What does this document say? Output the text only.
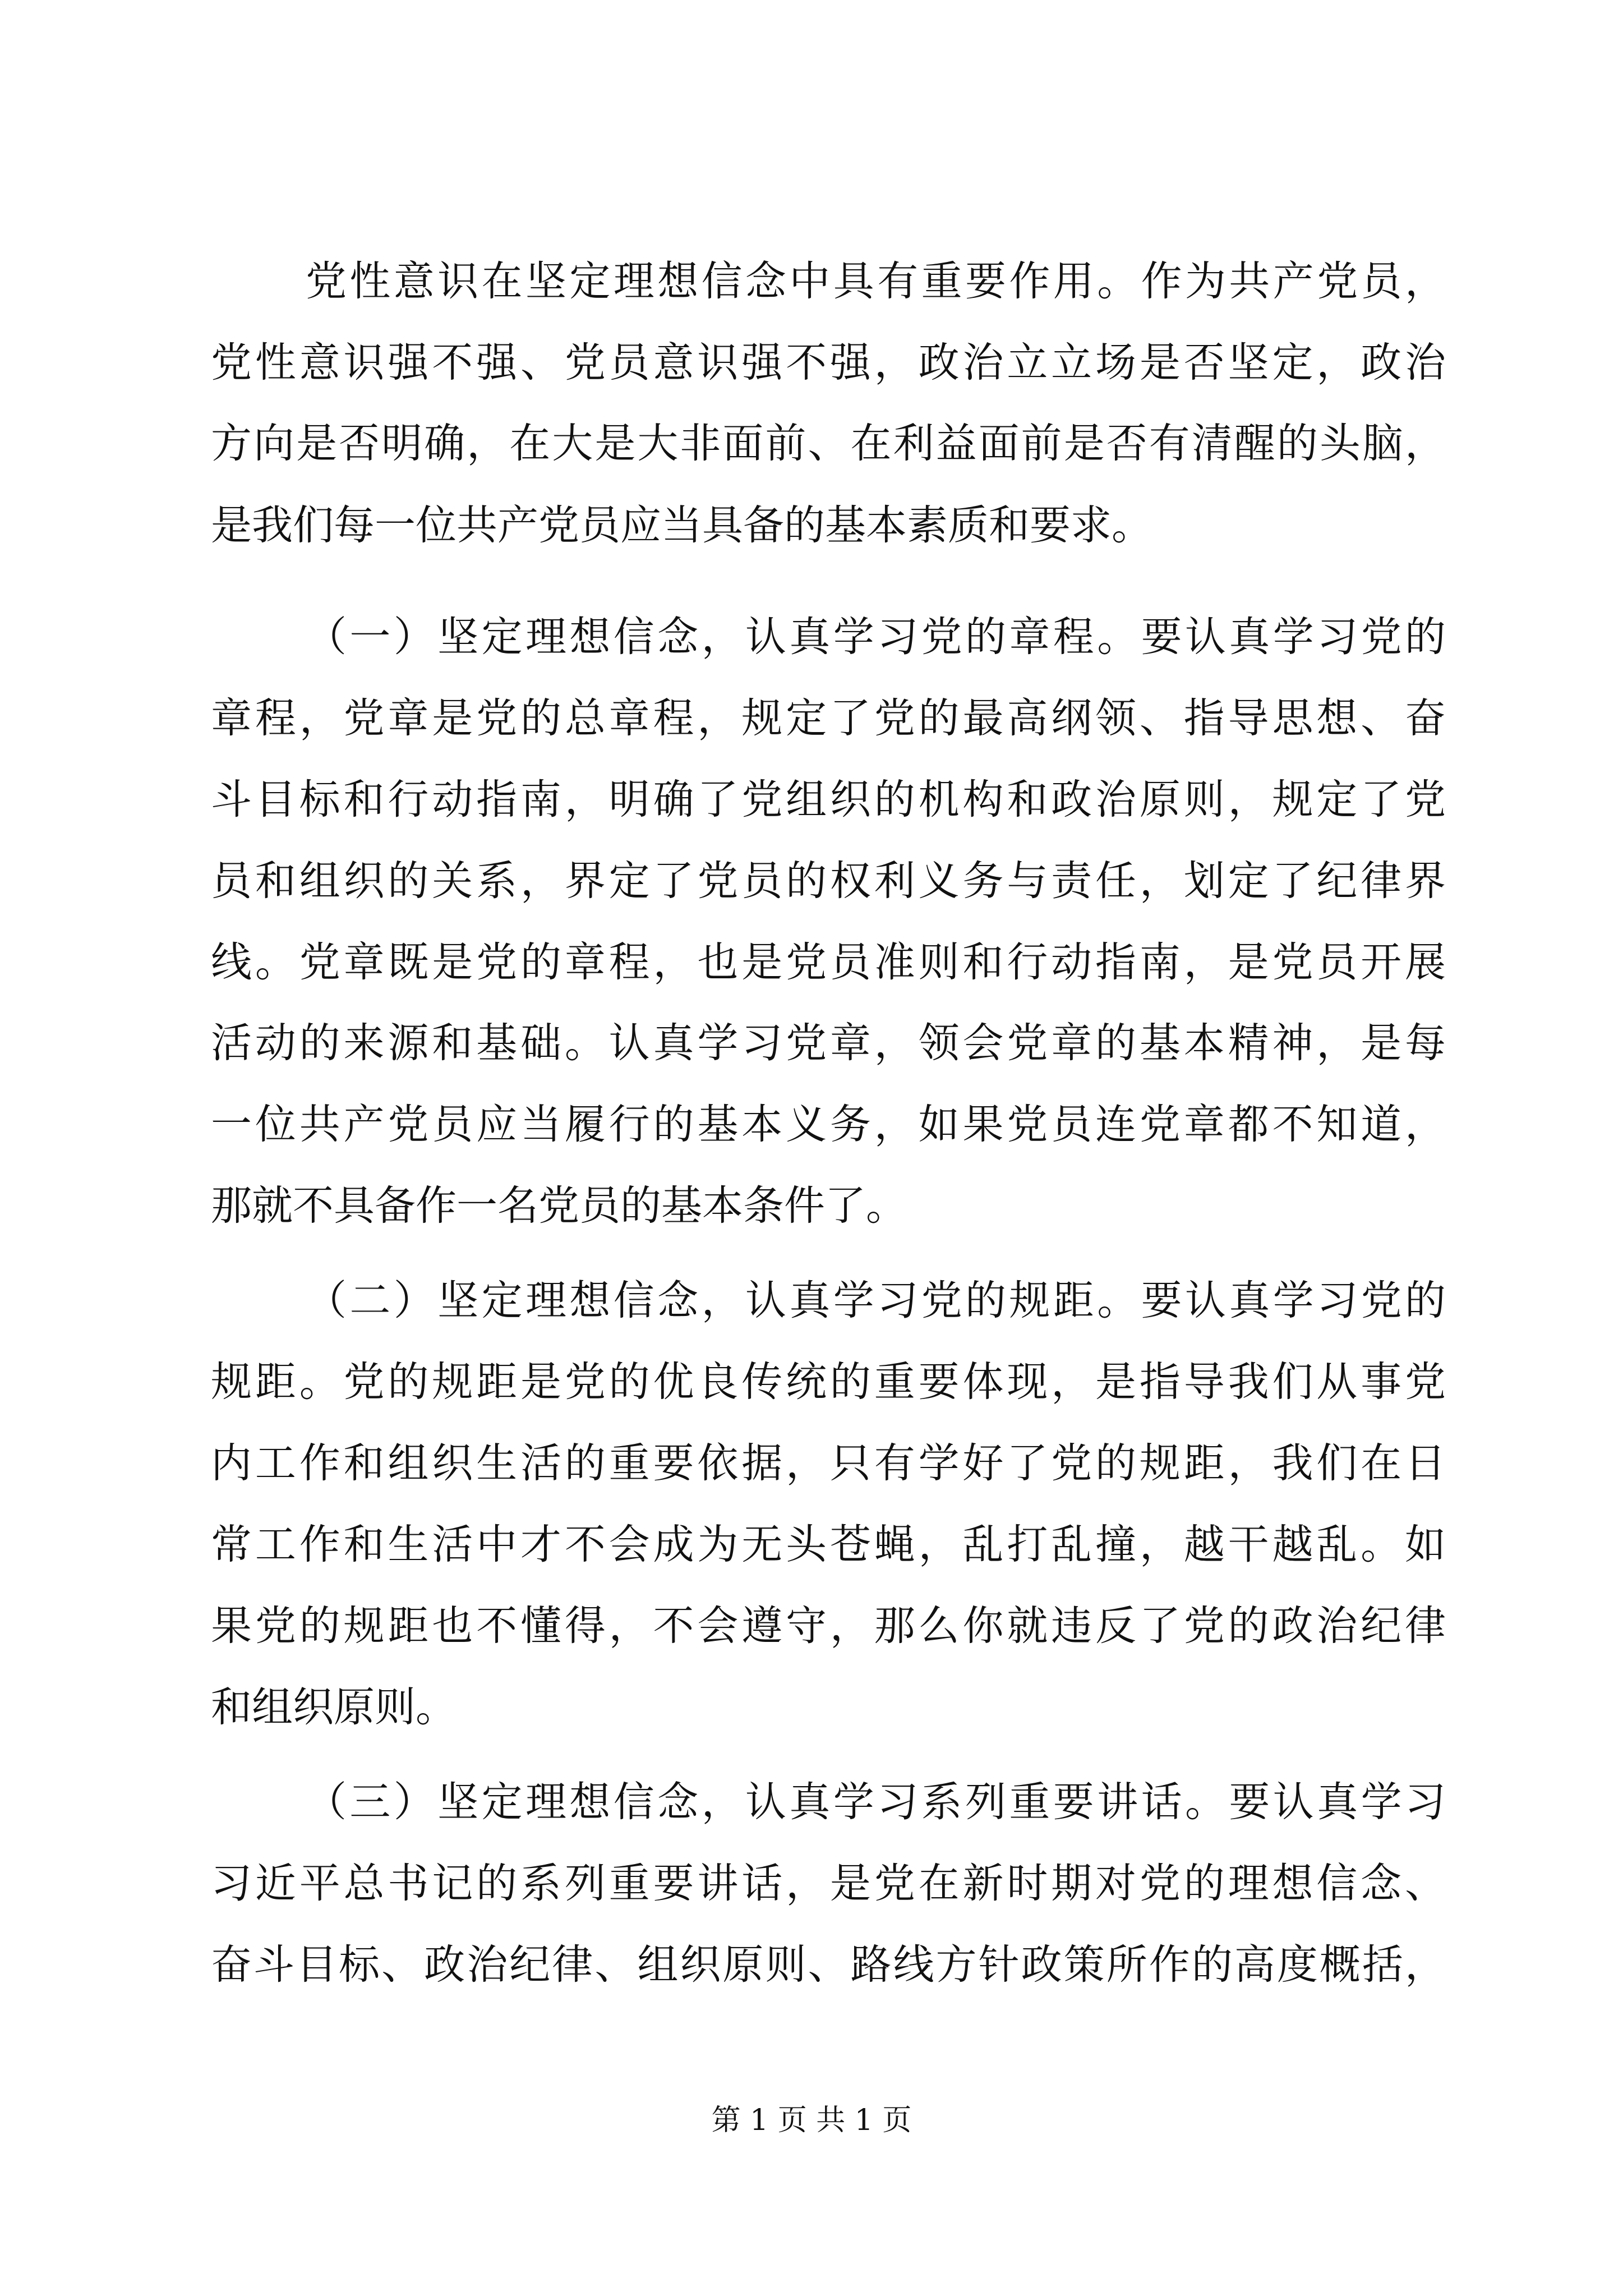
党性意识在坚定理想信念中具有重要作用。作为共产党员，

党性意识强不强、党员意识强不强，政治立立场是否坚定，政治

方向是否明确，在大是大非面前、在利益面前是否有清醒的头脑，

是我们每一位共产党员应当具备的基本素质和要求。

（一）坚定理想信念，认真学习党的章程。要认真学习党的

章程，党章是党的总章程，规定了党的最高纲领、指导思想、奋

斗目标和行动指南，明确了党组织的机构和政治原则，规定了党

员和组织的关系，界定了党员的权利义务与责任，划定了纪律界

线。党章既是党的章程，也是党员准则和行动指南，是党员开展

活动的来源和基础。认真学习党章，领会党章的基本精神，是每

一位共产党员应当履行的基本义务，如果党员连党章都不知道，

那就不具备作一名党员的基本条件了。

（二）坚定理想信念，认真学习党的规距。要认真学习党的

规距。党的规距是党的优良传统的重要体现，是指导我们从事党

内工作和组织生活的重要依据，只有学好了党的规距，我们在日

常工作和生活中才不会成为无头苍蝇，乱打乱撞，越干越乱。如

果党的规距也不懂得，不会遵守，那么你就违反了党的政治纪律

和组织原则。

（三）坚定理想信念，认真学习系列重要讲话。要认真学习

习近平总书记的系列重要讲话，是党在新时期对党的理想信念、

奋斗目标、政治纪律、组织原则、路线方针政策所作的高度概括，

第 1 页 共 1 页
